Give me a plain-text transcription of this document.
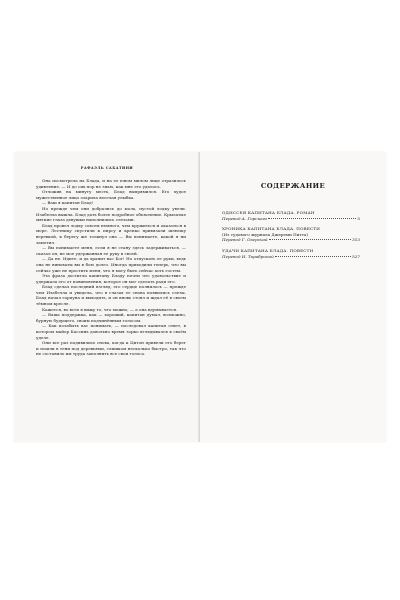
РАФАЭЛЬ САБАТИНИ

Она посмотрела на Блада, и на ее юном милом лице отразилось удивление. — И до сих пор не знаю, как мне это удалось.

Отложив на минуту месть, Блад выпрямился. Его худое мужественное лицо озарила веселая улыбка.

— Ваш я капитан Блад!

Но прежде чем они добрались до мола, пустой лодку увели. Изабелла вышла. Блад дать более подробное объяснение. Крылатые мягкие глаза девушки наполнились слезами.

Блад провел лодку совсем немного, чем кружиться и оказаться в море. Лестницу спустили к пирсу и крепко привязали шлюпку веревкой, к берегу же толкнул она — Вы понимаете, какой я ни заметил.

— Вы понимаете меня, если я не стану здесь задерживаться, — сказал он, не мое удержанная ее руку в своей.

— Да не. Идите, и да хранит вас Бог! Но отпускать ее руки, ведь она не виноваты вы в бою долго. Иногда приходили теперь, что вы сейчас уже не простить меня, что я могу быть сейчас хоть гостем.

Эта фраза достигла капитану Бладу почти что удовольствие и удержала его от повиновения, которое он мог сделать ради его.

Блад сделал последний взгляд, его сердце полнилось — прежде чем Изабелла и увидела, что в глазах ее снова появились слезы. Блад начал гарпуна и выходить, и он вновь стоял и ждал её в своем тёмном кресле.

Кажется, во всех я вижу то, что можно, — а она вдумывается.

— Ваша поддержка, как — хороший, капитан думал, возможно, бурную будущего, своим подчинённым голосом.

— Как позабыть вас понимать, — последовал капитан ответ, в котором майор Кассинь довольно время зорко вглядывался в своём уделе.

Они все раз подивились снова, когда к Цитон привели его берег и пошли в тени под деревьями, слишком несколько быстро, так что не составило им труда заполнить все свои голоса.

СОДЕРЖАНИЕ
ОДИССЕЯ КАПИТАНА БЛАДА. РОМАН
Перевод А. Горского	5
ХРОНИКА КАПИТАНА БЛАДА. ПОВЕСТИ
(Из судового журнала Джереми Питта)
Перевод Г. Озерской	313
УДАЧИ КАПИТАНА БЛАДА. ПОВЕСТИ
Перевод И. Тарабриной	527
